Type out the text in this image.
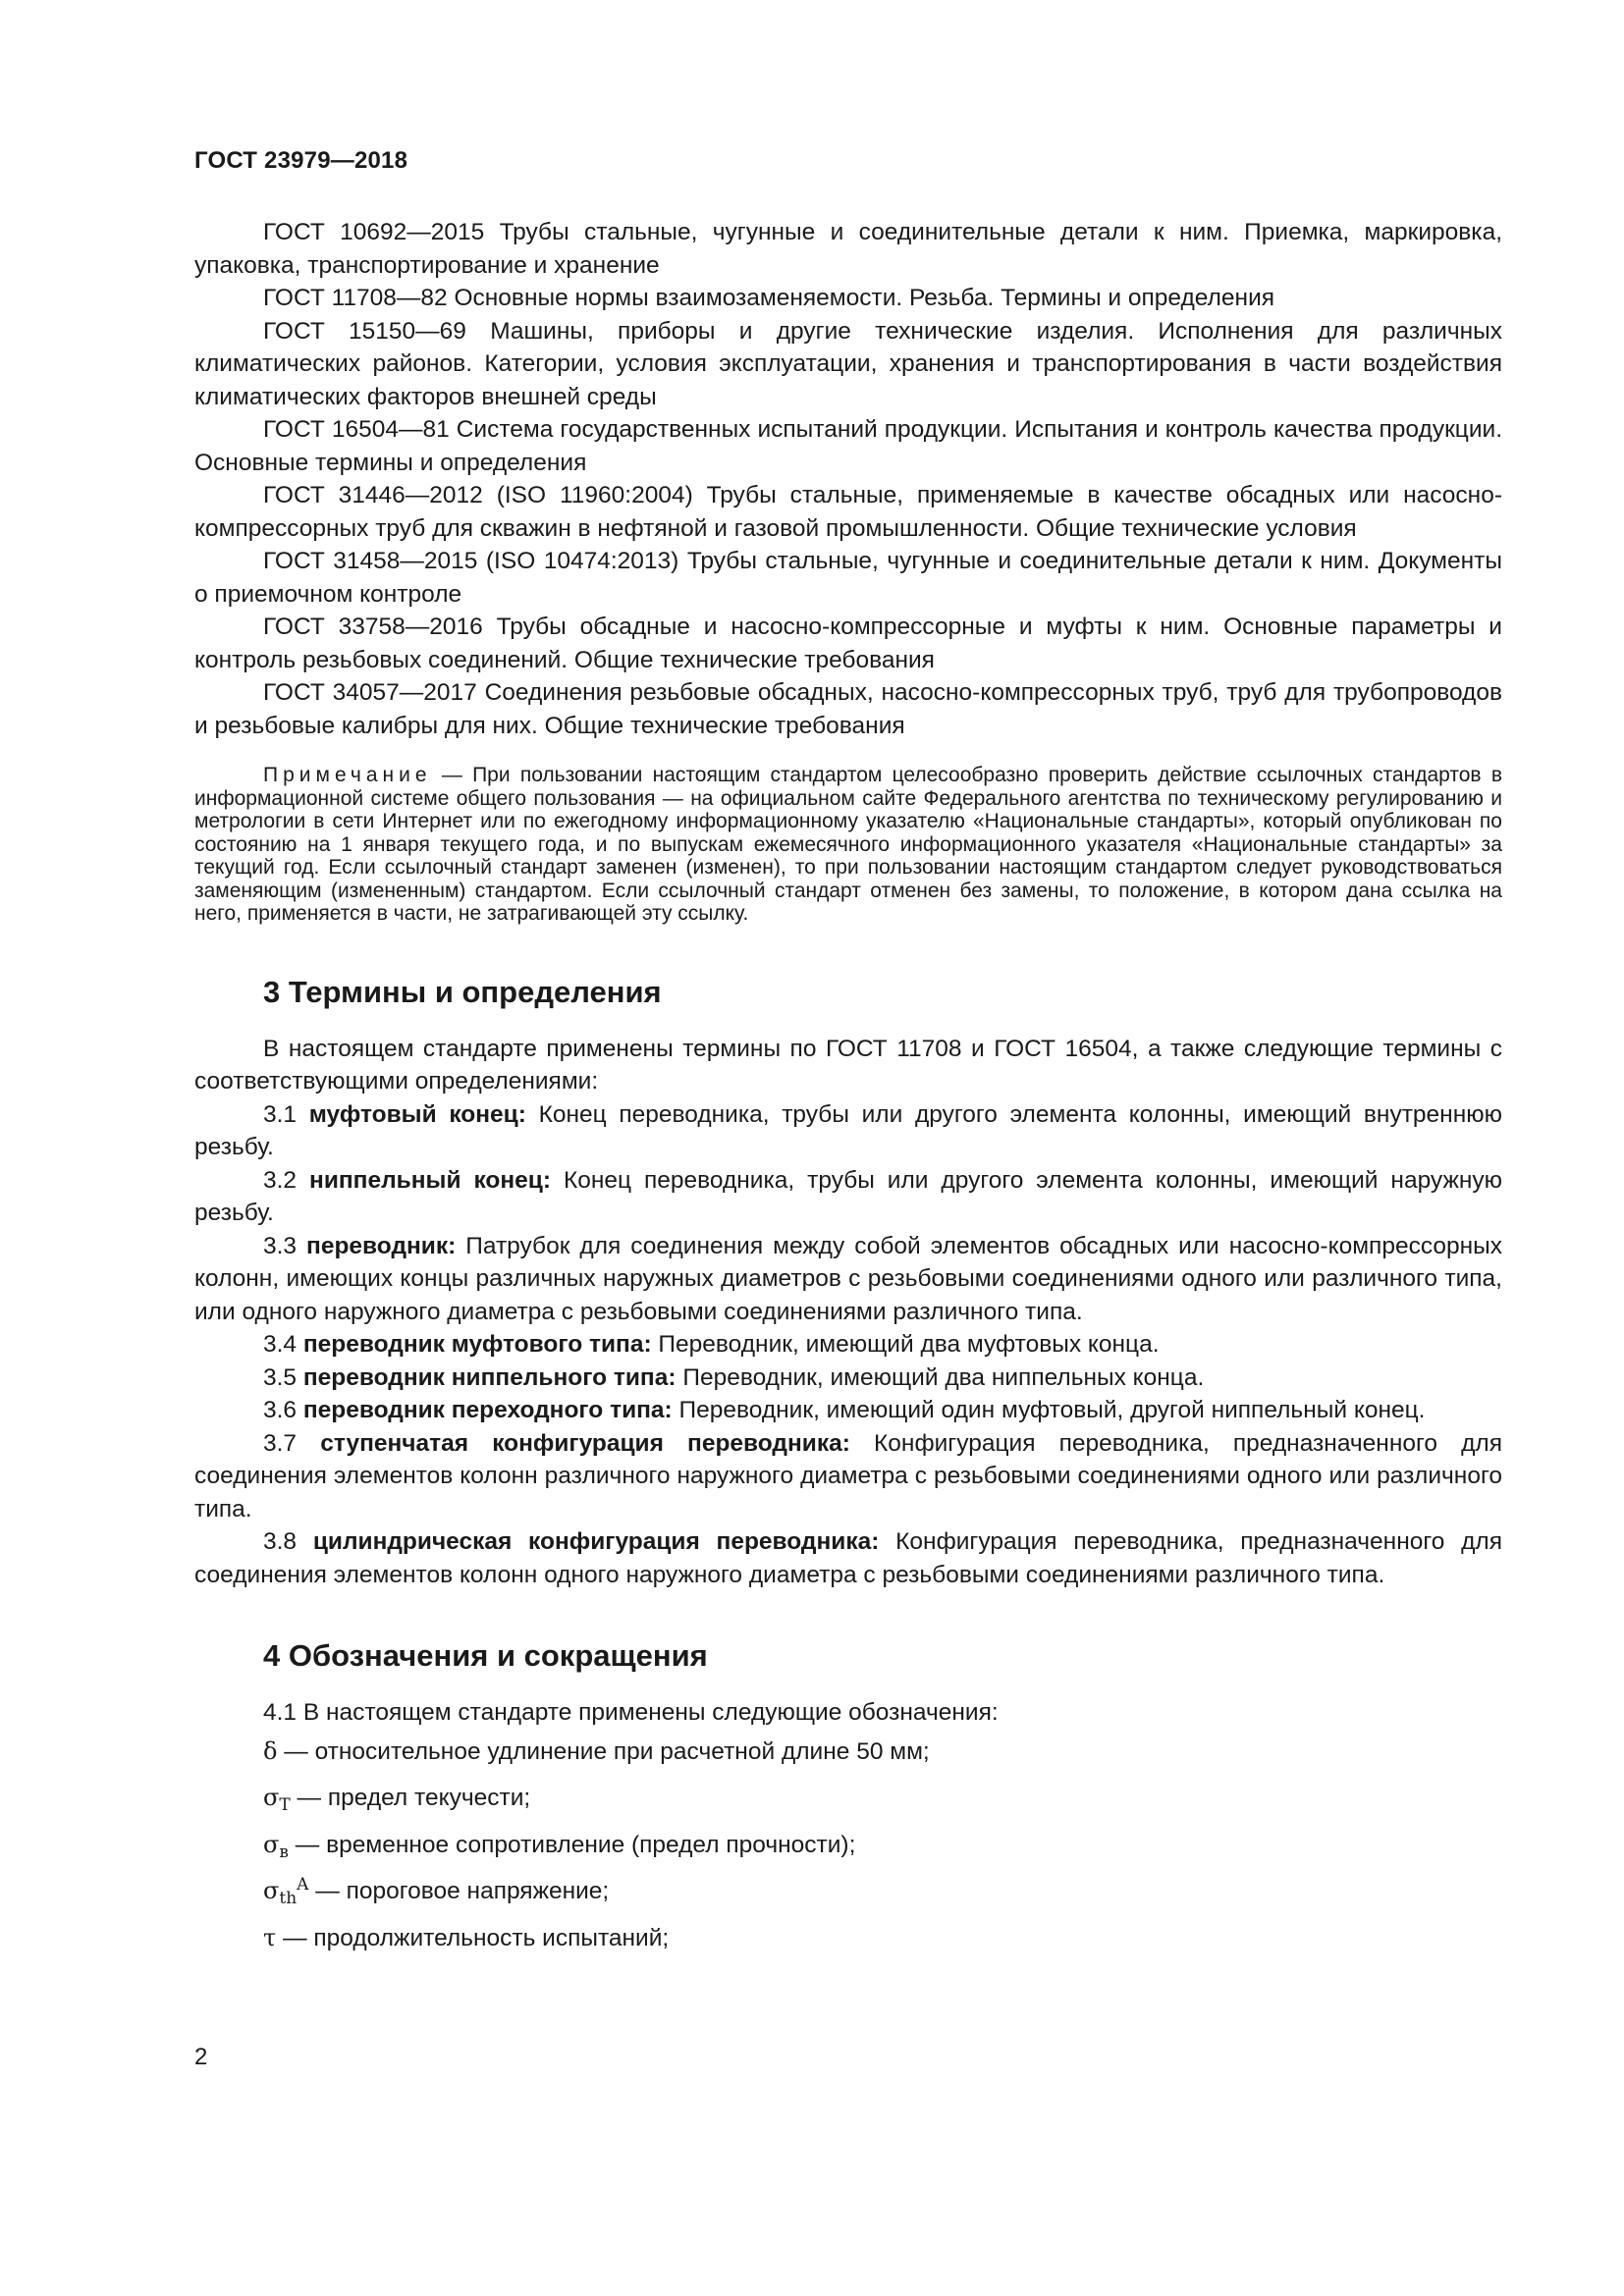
ГОСТ 23979—2018

ГОСТ 10692—2015 Трубы стальные, чугунные и соединительные детали к ним. Приемка, маркировка, упаковка, транспортирование и хранение

ГОСТ 11708—82 Основные нормы взаимозаменяемости. Резьба. Термины и определения

ГОСТ 15150—69 Машины, приборы и другие технические изделия. Исполнения для различных климатических районов. Категории, условия эксплуатации, хранения и транспортирования в части воздействия климатических факторов внешней среды

ГОСТ 16504—81 Система государственных испытаний продукции. Испытания и контроль качества продукции. Основные термины и определения

ГОСТ 31446—2012 (ISO 11960:2004) Трубы стальные, применяемые в качестве обсадных или насосно-компрессорных труб для скважин в нефтяной и газовой промышленности. Общие технические условия

ГОСТ 31458—2015 (ISO 10474:2013) Трубы стальные, чугунные и соединительные детали к ним. Документы о приемочном контроле

ГОСТ 33758—2016 Трубы обсадные и насосно-компрессорные и муфты к ним. Основные параметры и контроль резьбовых соединений. Общие технические требования

ГОСТ 34057—2017 Соединения резьбовые обсадных, насосно-компрессорных труб, труб для трубопроводов и резьбовые калибры для них. Общие технические требования

Примечание — При пользовании настоящим стандартом целесообразно проверить действие ссылочных стандартов в информационной системе общего пользования — на официальном сайте Федерального агентства по техническому регулированию и метрологии в сети Интернет или по ежегодному информационному указателю «Национальные стандарты», который опубликован по состоянию на 1 января текущего года, и по выпускам ежемесячного информационного указателя «Национальные стандарты» за текущий год. Если ссылочный стандарт заменен (изменен), то при пользовании настоящим стандартом следует руководствоваться заменяющим (измененным) стандартом. Если ссылочный стандарт отменен без замены, то положение, в котором дана ссылка на него, применяется в части, не затрагивающей эту ссылку.

3 Термины и определения

В настоящем стандарте применены термины по ГОСТ 11708 и ГОСТ 16504, а также следующие термины с соответствующими определениями:

3.1 муфтовый конец: Конец переводника, трубы или другого элемента колонны, имеющий внутреннюю резьбу.

3.2 ниппельный конец: Конец переводника, трубы или другого элемента колонны, имеющий наружную резьбу.

3.3 переводник: Патрубок для соединения между собой элементов обсадных или насосно-компрессорных колонн, имеющих концы различных наружных диаметров с резьбовыми соединениями одного или различного типа, или одного наружного диаметра с резьбовыми соединениями различного типа.

3.4 переводник муфтового типа: Переводник, имеющий два муфтовых конца.

3.5 переводник ниппельного типа: Переводник, имеющий два ниппельных конца.

3.6 переводник переходного типа: Переводник, имеющий один муфтовый, другой ниппельный конец.

3.7 ступенчатая конфигурация переводника: Конфигурация переводника, предназначенного для соединения элементов колонн различного наружного диаметра с резьбовыми соединениями одного или различного типа.

3.8 цилиндрическая конфигурация переводника: Конфигурация переводника, предназначенного для соединения элементов колонн одного наружного диаметра с резьбовыми соединениями различного типа.

4 Обозначения и сокращения

4.1 В настоящем стандарте применены следующие обозначения:

δ — относительное удлинение при расчетной длине 50 мм;

$\sigma_Т$ — предел текучести;

$\sigma_в$ — временное сопротивление (предел прочности);

$\sigma_{th}^A$ — пороговое напряжение;

τ — продолжительность испытаний;

2
